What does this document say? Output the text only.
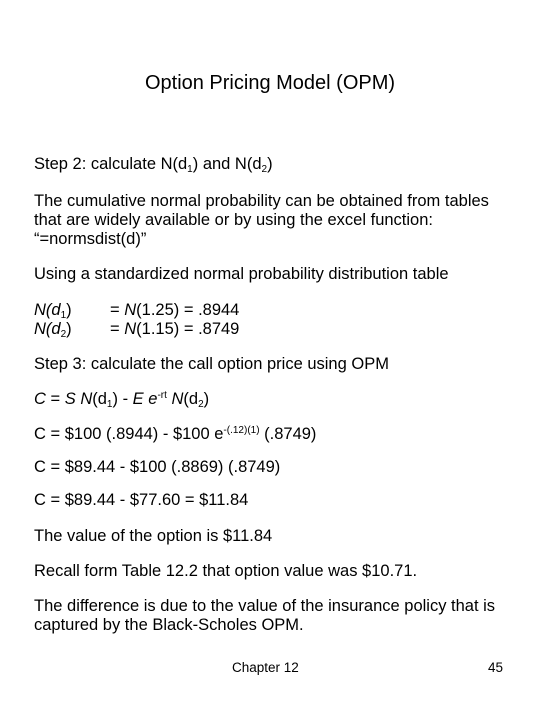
Option Pricing Model (OPM)
Step 2: calculate $N(d_1)$ and $N(d_2)$
The cumulative normal probability can be obtained from tables that are widely available or by using the excel function: “=normsdist(d)”
Using a standardized normal probability distribution table
$N(d_1) = N(1.25) = .8944$
$N(d_2) = N(1.15) = .8749$
Step 3: calculate the call option price using OPM
C = S $N(d_1)$ - E $e^{-rt}$ $N(d_2)$
C = $100 (.8944) - $100 $e^{-(.12)(1)}$ (.8749)
C = $89.44 - $100 (.8869) (.8749)
C = $89.44 - $77.60 = $11.84
The value of the option is $11.84
Recall form Table 12.2 that option value was $10.71.
The difference is due to the value of the insurance policy that is captured by the Black-Scholes OPM.
Chapter 12	45
